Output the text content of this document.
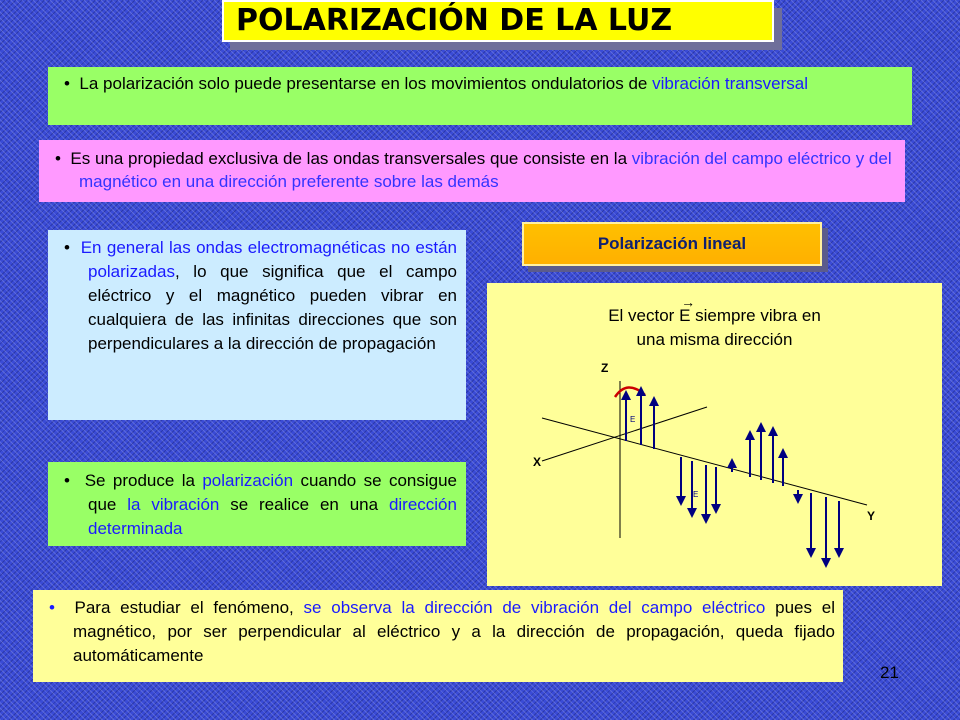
POLARIZACIÓN DE LA LUZ
• La polarización solo puede presentarse en los movimientos ondulatorios de vibración transversal
• Es una propiedad exclusiva de las ondas transversales que consiste en la vibración del campo eléctrico y del magnético en una dirección preferente sobre las demás
• En general las ondas electromagnéticas no están polarizadas, lo que significa que el campo eléctrico y el magnético pueden vibrar en cualquiera de las infinitas direcciones que son perpendiculares a la dirección de propagación
• Se produce la polarización cuando se consigue que la vibración se realice en una dirección determinada
Polarización lineal
El vector
→
E siempre vibra en
una misma dirección
Z
X
Y
E
E
• Para estudiar el fenómeno, se observa la dirección de vibración del campo eléctrico pues el magnético, por ser perpendicular al eléctrico y a la dirección de propagación, queda fijado automáticamente
21
